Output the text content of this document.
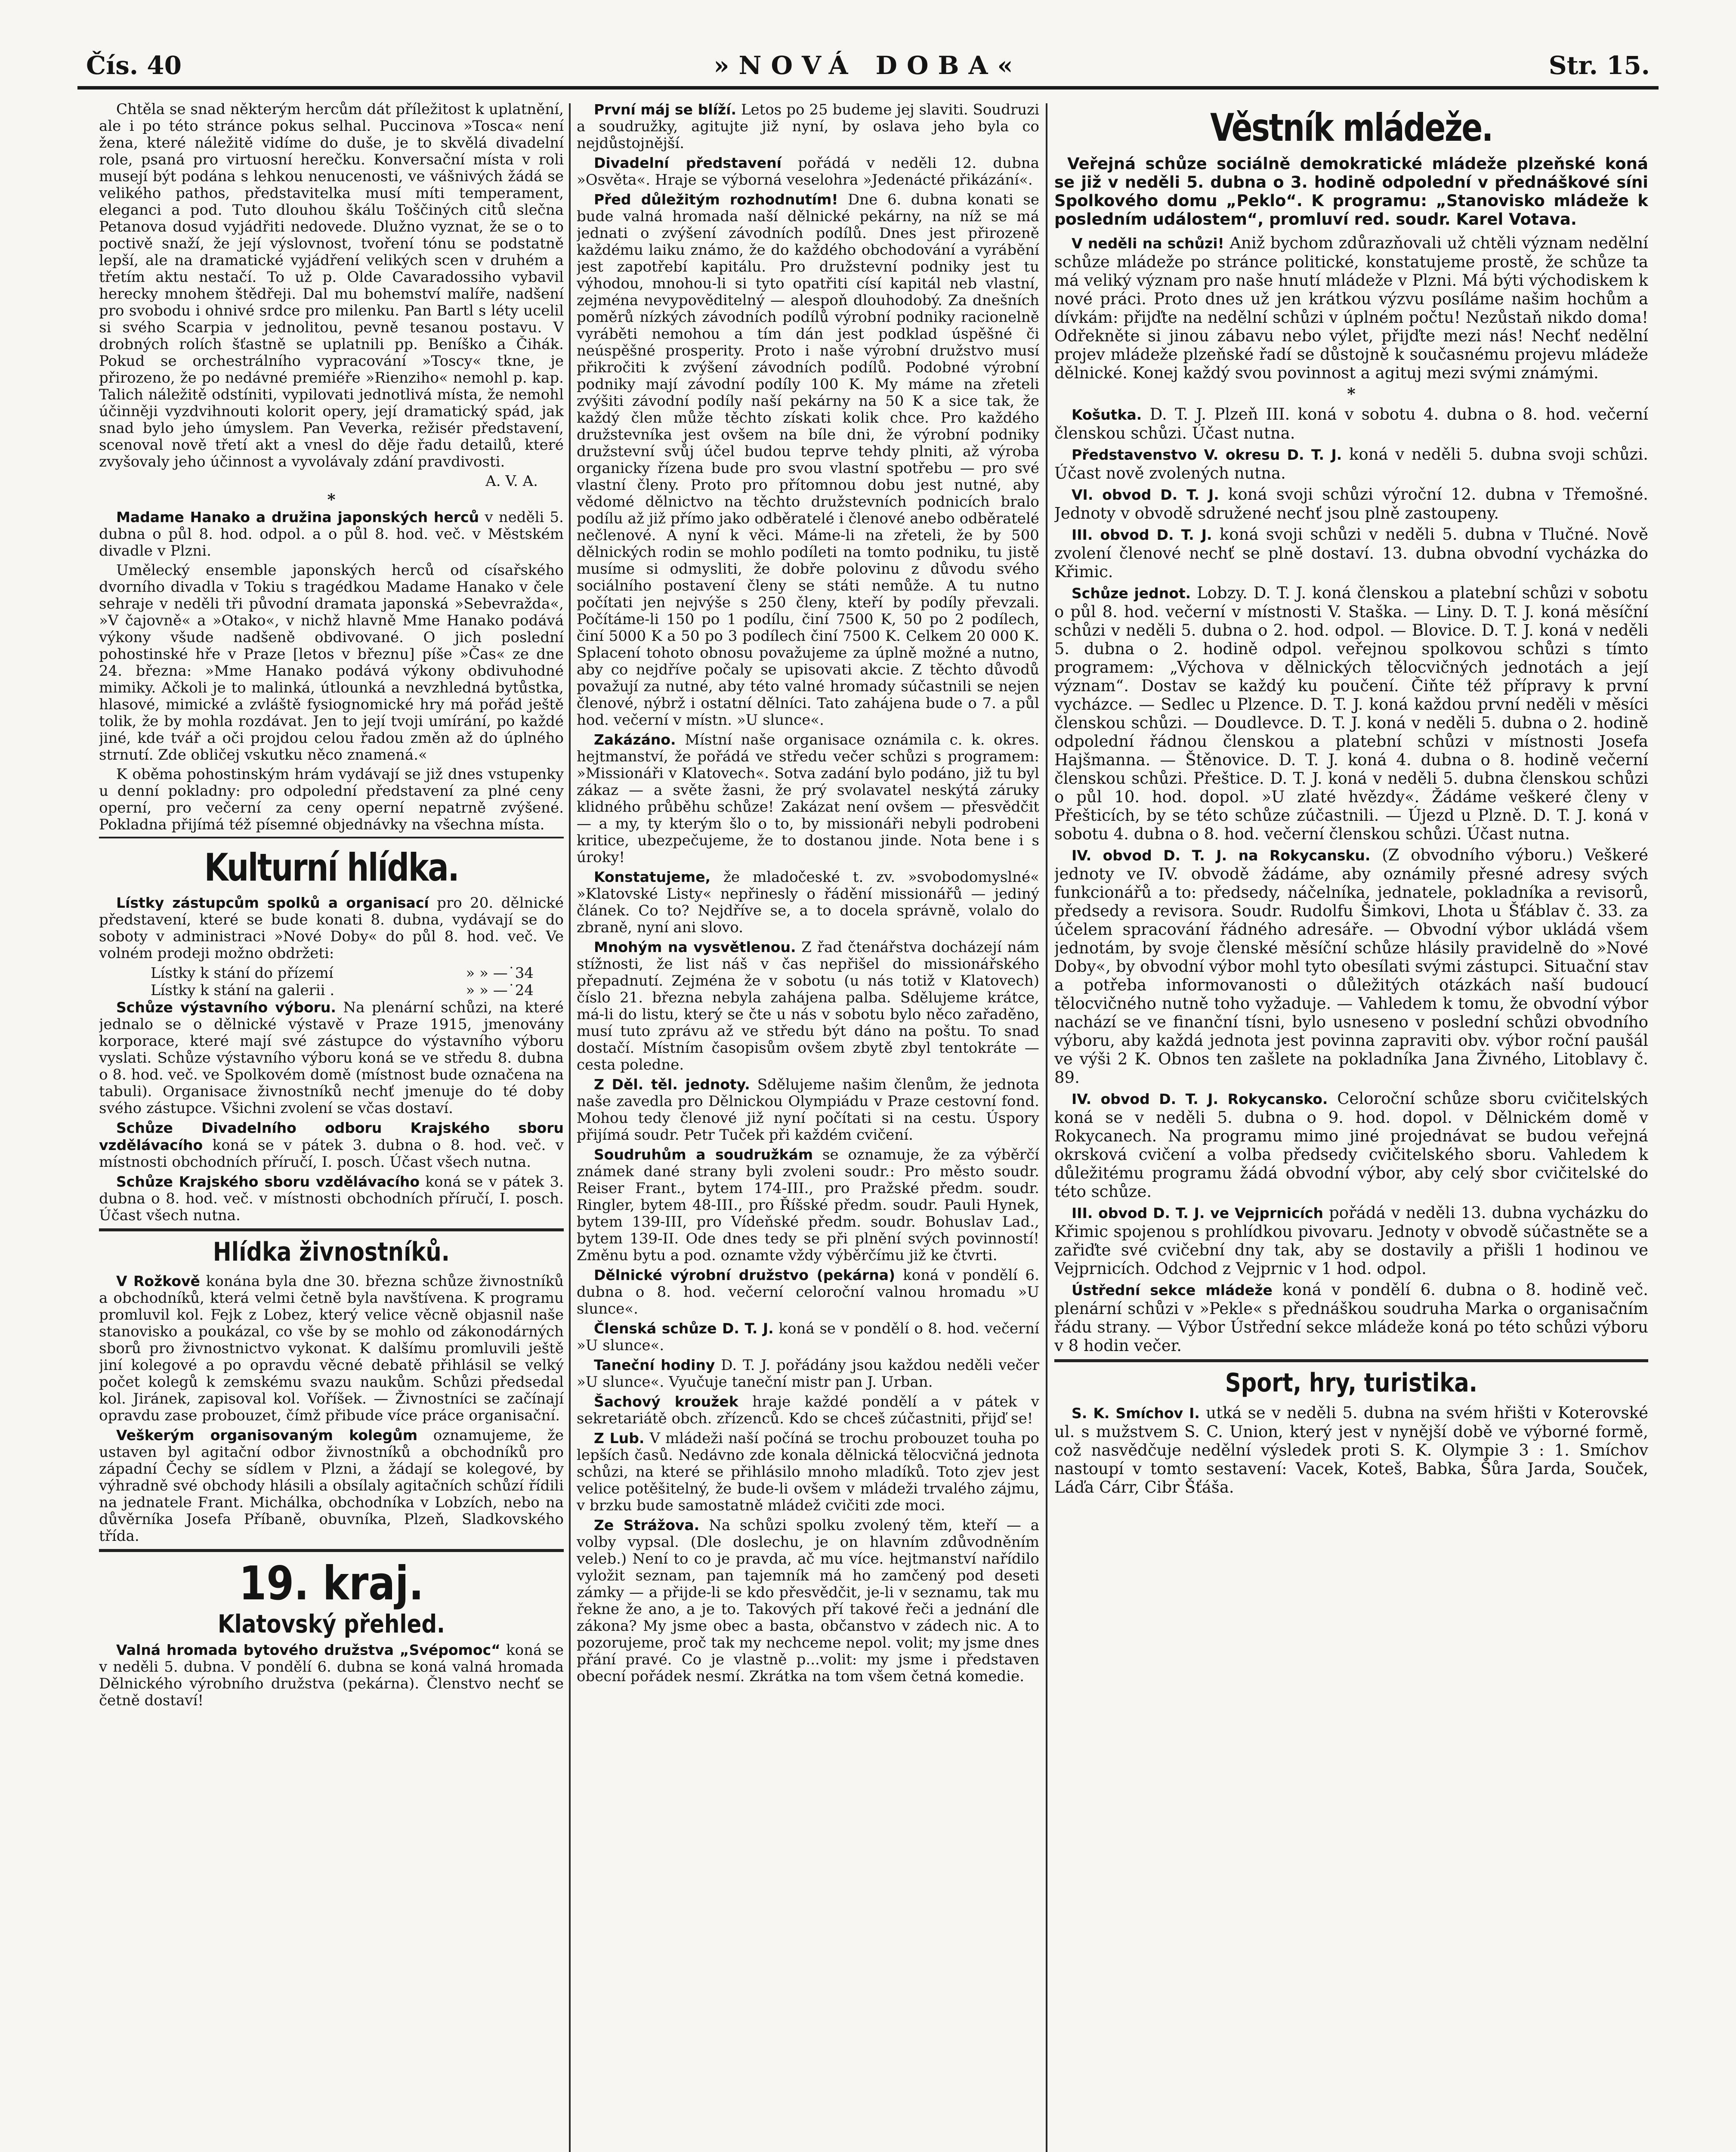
Čís. 40	»NOVÁ DOBA«	Str. 15.

Chtěla se snad některým hercům dát příležitost k uplatnění, ale i po této stránce pokus selhal. Puccinova »Tosca« není žena, které náležitě vidíme do duše, je to skvělá divadelní role, psaná pro virtuosní herečku. Konversační místa v roli musejí být podána s lehkou nenucenosti, ve vášnivých žádá se velikého pathos, představitelka musí míti temperament, eleganci a pod. Tuto dlouhou škálu Toščiných citů slečna Petanova dosud vyjádřiti nedovede. Dlužno vyznat, že se o to poctivě snaží, že její výslovnost, tvoření tónu se podstatně lepší, ale na dramatické vyjádření velikých scen v druhém a třetím aktu nestačí. To už p. Olde Cavaradossiho vybavil herecky mnohem štědřeji. Dal mu bohemství malíře, nadšení pro svobodu i ohnivé srdce pro milenku. Pan Bartl s léty ucelil si svého Scarpia v jednolitou, pevně tesanou postavu. V drobných rolích šťastně se uplatnili pp. Beníško a Čihák. Pokud se orchestrálního vypracování »Toscy« tkne, je přirozeno, že po nedávné premiéře »Rienziho« nemohl p. kap. Talich náležitě odstíniti, vypilovati jednotlivá místa, že nemohl účinněji vyzdvihnouti kolorit opery, její dramatický spád, jak snad bylo jeho úmyslem. Pan Veverka, režisér představení, scenoval nově třetí akt a vnesl do děje řadu detailů, které zvyšovaly jeho účinnost a vyvolávaly zdání pravdivosti.

A. V. A.

*

Madame Hanako a družina japonských herců v neděli 5. dubna o půl 8. hod. odpol. a o půl 8. hod. več. v Městském divadle v Plzni.

Umělecký ensemble japonských herců od císařského dvorního divadla v Tokiu s tragédkou Madame Hanako v čele sehraje v neděli tři původní dramata japonská »Sebevražda«, »V čajovně« a »Otako«, v nichž hlavně Mme Hanako podává výkony všude nadšeně obdivované. O jich poslední pohostinské hře v Praze [letos v březnu] píše »Čas« ze dne 24. března: »Mme Hanako podává výkony obdivuhodné mimiky. Ačkoli je to malinká, útlounká a nevzhledná bytůstka, hlasové, mimické a zvláště fysiognomické hry má pořád ještě tolik, že by mohla rozdávat. Jen to její tvoji umírání, po každé jiné, kde tvář a oči projdou celou řadou změn až do úplného strnutí. Zde obličej vskutku něco znamená.«

K oběma pohostinským hrám vydávají se již dnes vstupenky u denní pokladny: pro odpolední představení za plné ceny operní, pro večerní za ceny operní nepatrně zvýšené. Pokladna přijímá též písemné objednávky na všechna místa.

Kulturní hlídka.

Lístky zástupcům spolků a organisací pro 20. dělnické představení, které se bude konati 8. dubna, vydávají se do soboty v administraci »Nové Doby« do půl 8. hod. več. Ve volném prodeji možno obdržeti:

Lístky k stání do přízemí	» » —˙34
Lístky k stání na galerii .	» » —˙24

Schůze výstavního výboru. Na plenární schůzi, na které jednalo se o dělnické výstavě v Praze 1915, jmenovány korporace, které mají své zástupce do výstavního výboru vyslati. Schůze výstavního výboru koná se ve středu 8. dubna o 8. hod. več. ve Spolkovém domě (místnost bude označena na tabuli). Organisace živnostníků nechť jmenuje do té doby svého zástupce. Všichni zvolení se včas dostaví.

Schůze Divadelního odboru Krajského sboru vzdělávacího koná se v pátek 3. dubna o 8. hod. več. v místnosti obchodních příručí, I. posch. Účast všech nutna.

Schůze Krajského sboru vzdělávacího koná se v pátek 3. dubna o 8. hod. več. v místnosti obchodních příručí, I. posch. Účast všech nutna.

Hlídka živnostníků.

V Rožkově konána byla dne 30. března schůze živnostníků a obchodníků, která velmi četně byla navštívena. K programu promluvil kol. Fejk z Lobez, který velice věcně objasnil naše stanovisko a poukázal, co vše by se mohlo od zákonodárných sborů pro živnostnictvo vykonat. K dalšímu promluvili ještě jiní kolegové a po opravdu věcné debatě přihlásil se velký počet kolegů k zemskému svazu naukům. Schůzi předsedal kol. Jiránek, zapisoval kol. Voříšek. — Živnostníci se začínají opravdu zase probouzet, čímž přibude více práce organisační.

Veškerým organisovaným kolegům oznamujeme, že ustaven byl agitační odbor živnostníků a obchodníků pro západní Čechy se sídlem v Plzni, a žádají se kolegové, by výhradně své obchody hlásili a obsílaly agitačních schůzí řídili na jednatele Frant. Michálka, obchodníka v Lobzích, nebo na důvěrníka Josefa Příbaně, obuvníka, Plzeň, Sladkovského třída.

19. kraj.
Klatovský přehled.

Valná hromada bytového družstva „Svépomoc“ koná se v neděli 5. dubna. V pondělí 6. dubna se koná valná hromada Dělnického výrobního družstva (pekárna). Členstvo nechť se četně dostaví!

První máj se blíží. Letos po 25 budeme jej slaviti. Soudruzi a soudružky, agitujte již nyní, by oslava jeho byla co nejdůstojnější.

Divadelní představení pořádá v neděli 12. dubna »Osvěta«. Hraje se výborná veselohra »Jedenácté přikázání«.

Před důležitým rozhodnutím! Dne 6. dubna konati se bude valná hromada naší dělnické pekárny, na níž se má jednati o zvýšení závodních podílů. Dnes jest přirozeně každému laiku známo, že do každého obchodování a vyrábění jest zapotřebí kapitálu. Pro družstevní podniky jest tu výhodou, mnohou-li si tyto opatřiti císí kapitál neb vlastní, zejména nevypověditelný — alespoň dlouhodobý. Za dnešních poměrů nízkých závodních podílů výrobní podniky racionelně vyráběti nemohou a tím dán jest podklad úspěšné či neúspěšné prosperity. Proto i naše výrobní družstvo musí přikročiti k zvýšení závodních podílů. Podobné výrobní podniky mají závodní podíly 100 K. My máme na zřeteli zvýšiti závodní podíly naší pekárny na 50 K a sice tak, že každý člen může těchto získati kolik chce. Pro každého družstevníka jest ovšem na bíle dni, že výrobní podniky družstevní svůj účel budou teprve tehdy plniti, až výroba organicky řízena bude pro svou vlastní spotřebu — pro své vlastní členy. Proto pro přítomnou dobu jest nutné, aby vědomé dělnictvo na těchto družstevních podnicích bralo podílu až již přímo jako odběratelé i členové anebo odběratelé nečlenové. A nyní k věci. Máme-li na zřeteli, že by 500 dělnických rodin se mohlo podíleti na tomto podniku, tu jistě musíme si odmysliti, že dobře polovinu z důvodu svého sociálního postavení členy se státi nemůže. A tu nutno počítati jen nejvýše s 250 členy, kteří by podíly převzali. Počítáme-li 150 po 1 podílu, činí 7500 K, 50 po 2 podílech, činí 5000 K a 50 po 3 podílech činí 7500 K. Celkem 20 000 K. Splacení tohoto obnosu považujeme za úplně možné a nutno, aby co nejdříve počaly se upisovati akcie. Z těchto důvodů považují za nutné, aby této valné hromady súčastnili se nejen členové, nýbrž i ostatní dělníci. Tato zahájena bude o 7. a půl hod. večerní v místn. »U slunce«.

Zakázáno. Místní naše organisace oznámila c. k. okres. hejtmanství, že pořádá ve středu večer schůzi s programem: »Missionáři v Klatovech«. Sotva zadání bylo podáno, již tu byl zákaz — a světe žasni, že prý svolavatel neskýtá záruky klidného průběhu schůze! Zakázat není ovšem — přesvědčit — a my, ty kterým šlo o to, by missionáři nebyli podrobeni kritice, ubezpečujeme, že to dostanou jinde. Nota bene i s úroky!

Konstatujeme, že mladočeské t. zv. »svobodomyslné« »Klatovské Listy« nepřinesly o řádění missionářů — jediný článek. Co to? Nejdříve se, a to docela správně, volalo do zbraně, nyní ani slovo.

Mnohým na vysvětlenou. Z řad čtenářstva docházejí nám stížnosti, že list náš v čas nepřišel do missionářského přepadnutí. Zejména že v sobotu (u nás totiž v Klatovech) číslo 21. března nebyla zahájena palba. Sdělujeme krátce, má-li do listu, který se čte u nás v sobotu bylo něco zařaděno, musí tuto zprávu až ve středu být dáno na poštu. To snad dostačí. Místním časopisům ovšem zbytě zbyl tentokráte — cesta poledne.

Z Děl. těl. jednoty. Sdělujeme našim členům, že jednota naše zavedla pro Dělnickou Olympiádu v Praze cestovní fond. Mohou tedy členové již nyní počítati si na cestu. Úspory přijímá soudr. Petr Tuček při každém cvičení.

Soudruhům a soudružkám se oznamuje, že za výběrčí známek dané strany byli zvoleni soudr.: Pro město soudr. Reiser Frant., bytem 174-III., pro Pražské předm. soudr. Ringler, bytem 48-III., pro Říšské předm. soudr. Pauli Hynek, bytem 139-III, pro Vídeňské předm. soudr. Bohuslav Lad., bytem 139-II. Ode dnes tedy se při plnění svých povinností! Změnu bytu a pod. oznamte vždy výběrčímu již ke čtvrti.

Dělnické výrobní družstvo (pekárna) koná v pondělí 6. dubna o 8. hod. večerní celoroční valnou hromadu »U slunce«.

Členská schůze D. T. J. koná se v pondělí o 8. hod. večerní »U slunce«.

Taneční hodiny D. T. J. pořádány jsou každou neděli večer »U slunce«. Vyučuje taneční mistr pan J. Urban.

Šachový kroužek hraje každé pondělí a v pátek v sekretariátě obch. zřízenců. Kdo se chceš zúčastniti, přijď se!

Z Lub. V mládeži naší počíná se trochu probouzet touha po lepších časů. Nedávno zde konala dělnická tělocvičná jednota schůzi, na které se přihlásilo mnoho mladíků. Toto zjev jest velice potěšitelný, že bude-li ovšem v mládeži trvalého zájmu, v brzku bude samostatně mládež cvičiti zde moci.

Ze Strážova. Na schůzi spolku zvolený těm, kteří — a volby vypsal. (Dle doslechu, je on hlavním zdůvodněním veleb.) Není to co je pravda, ač mu více. hejtmanství nařídilo vyložit seznam, pan tajemník má ho zamčený pod deseti zámky — a přijde-li se kdo přesvědčit, je-li v seznamu, tak mu řekne že ano, a je to. Takových pří takové řeči a jednání dle zákona? My jsme obec a basta, občanstvo v zádech nic. A to pozorujeme, proč tak my nechceme nepol. volit; my jsme dnes přání pravé. Co je vlastně p...volit: my jsme i představen obecní pořádek nesmí. Zkrátka na tom všem četná komedie.

Věstník mládeže.

Veřejná schůze sociálně demokratické mládeže plzeňské koná se již v neděli 5. dubna o 3. hodině odpolední v přednáškové síni Spolkového domu „Peklo“. K programu: „Stanovisko mládeže k posledním událostem“, promluví red. soudr. Karel Votava.

V neděli na schůzi! Aniž bychom zdůrazňovali už chtěli význam nedělní schůze mládeže po stránce politické, konstatujeme prostě, že schůze ta má veliký význam pro naše hnutí mládeže v Plzni. Má býti východiskem k nové práci. Proto dnes už jen krátkou výzvu posíláme našim hochům a dívkám: přijďte na nedělní schůzi v úplném počtu! Nezůstaň nikdo doma! Odřekněte si jinou zábavu nebo výlet, přijďte mezi nás! Nechť nedělní projev mládeže plzeňské řadí se důstojně k současnému projevu mládeže dělnické. Konej každý svou povinnost a agituj mezi svými známými.

*

Košutka. D. T. J. Plzeň III. koná v sobotu 4. dubna o 8. hod. večerní členskou schůzi. Účast nutna.

Představenstvo V. okresu D. T. J. koná v neděli 5. dubna svoji schůzi. Účast nově zvolených nutna.

VI. obvod D. T. J. koná svoji schůzi výroční 12. dubna v Třemošné. Jednoty v obvodě sdružené nechť jsou plně zastoupeny.

III. obvod D. T. J. koná svoji schůzi v neděli 5. dubna v Tlučné. Nově zvolení členové nechť se plně dostaví. 13. dubna obvodní vycházka do Křimic.

Schůze jednot. Lobzy. D. T. J. koná členskou a platební schůzi v sobotu o půl 8. hod. večerní v místnosti V. Staška. — Liny. D. T. J. koná měsíční schůzi v neděli 5. dubna o 2. hod. odpol. — Blovice. D. T. J. koná v neděli 5. dubna o 2. hodině odpol. veřejnou spolkovou schůzi s tímto programem: „Výchova v dělnických tělocvičných jednotách a její význam“. Dostav se každý ku poučení. Čiňte též přípravy k první vycházce. — Sedlec u Plzence. D. T. J. koná každou první neděli v měsíci členskou schůzi. — Doudlevce. D. T. J. koná v neděli 5. dubna o 2. hodině odpolední řádnou členskou a platební schůzi v místnosti Josefa Hajšmanna. — Štěnovice. D. T. J. koná 4. dubna o 8. hodině večerní členskou schůzi. Přeštice. D. T. J. koná v neděli 5. dubna členskou schůzi o půl 10. hod. dopol. »U zlaté hvězdy«. Žádáme veškeré členy v Přešticích, by se této schůze zúčastnili. — Újezd u Plzně. D. T. J. koná v sobotu 4. dubna o 8. hod. večerní členskou schůzi. Účast nutna.

IV. obvod D. T. J. na Rokycansku. (Z obvodního výboru.) Veškeré jednoty ve IV. obvodě žádáme, aby oznámily přesné adresy svých funkcionářů a to: předsedy, náčelníka, jednatele, pokladníka a revisorů, předsedy a revisora. Soudr. Rudolfu Šimkovi, Lhota u Šťáblav č. 33. za účelem spracování řádného adresáře. — Obvodní výbor ukládá všem jednotám, by svoje členské měsíční schůze hlásily pravidelně do »Nové Doby«, by obvodní výbor mohl tyto obesílati svými zástupci. Situační stav a potřeba informovanosti o důležitých otázkách naší budoucí tělocvičného nutně toho vyžaduje. — Vahledem k tomu, že obvodní výbor nachází se ve finanční tísni, bylo usneseno v poslední schůzi obvodního výboru, aby každá jednota jest povinna zapraviti obv. výbor roční paušál ve výši 2 K. Obnos ten zašlete na pokladníka Jana Živného, Litoblavy č. 89.

IV. obvod D. T. J. Rokycansko. Celoroční schůze sboru cvičitelských koná se v neděli 5. dubna o 9. hod. dopol. v Dělnickém domě v Rokycanech. Na programu mimo jiné projednávat se budou veřejná okrsková cvičení a volba předsedy cvičitelského sboru. Vahledem k důležitému programu žádá obvodní výbor, aby celý sbor cvičitelské do této schůze.

III. obvod D. T. J. ve Vejprnicích pořádá v neděli 13. dubna vycházku do Křimic spojenou s prohlídkou pivovaru. Jednoty v obvodě súčastněte se a zařiďte své cvičební dny tak, aby se dostavily a přišli 1 hodinou ve Vejprnicích. Odchod z Vejprnic v 1 hod. odpol.

Ústřední sekce mládeže koná v pondělí 6. dubna o 8. hodině več. plenární schůzi v »Pekle« s přednáškou soudruha Marka o organisačním řádu strany. — Výbor Ústřední sekce mládeže koná po této schůzi výboru v 8 hodin večer.

Sport, hry, turistika.

S. K. Smíchov I. utká se v neděli 5. dubna na svém hřišti v Koterovské ul. s mužstvem S. C. Union, který jest v nynější době ve výborné formě, což nasvědčuje nedělní výsledek proti S. K. Olympie 3 : 1. Smíchov nastoupí v tomto sestavení: Vacek, Koteš, Babka, Šůra Jarda, Souček, Láďa Cárr, Cibr Šťáša.
